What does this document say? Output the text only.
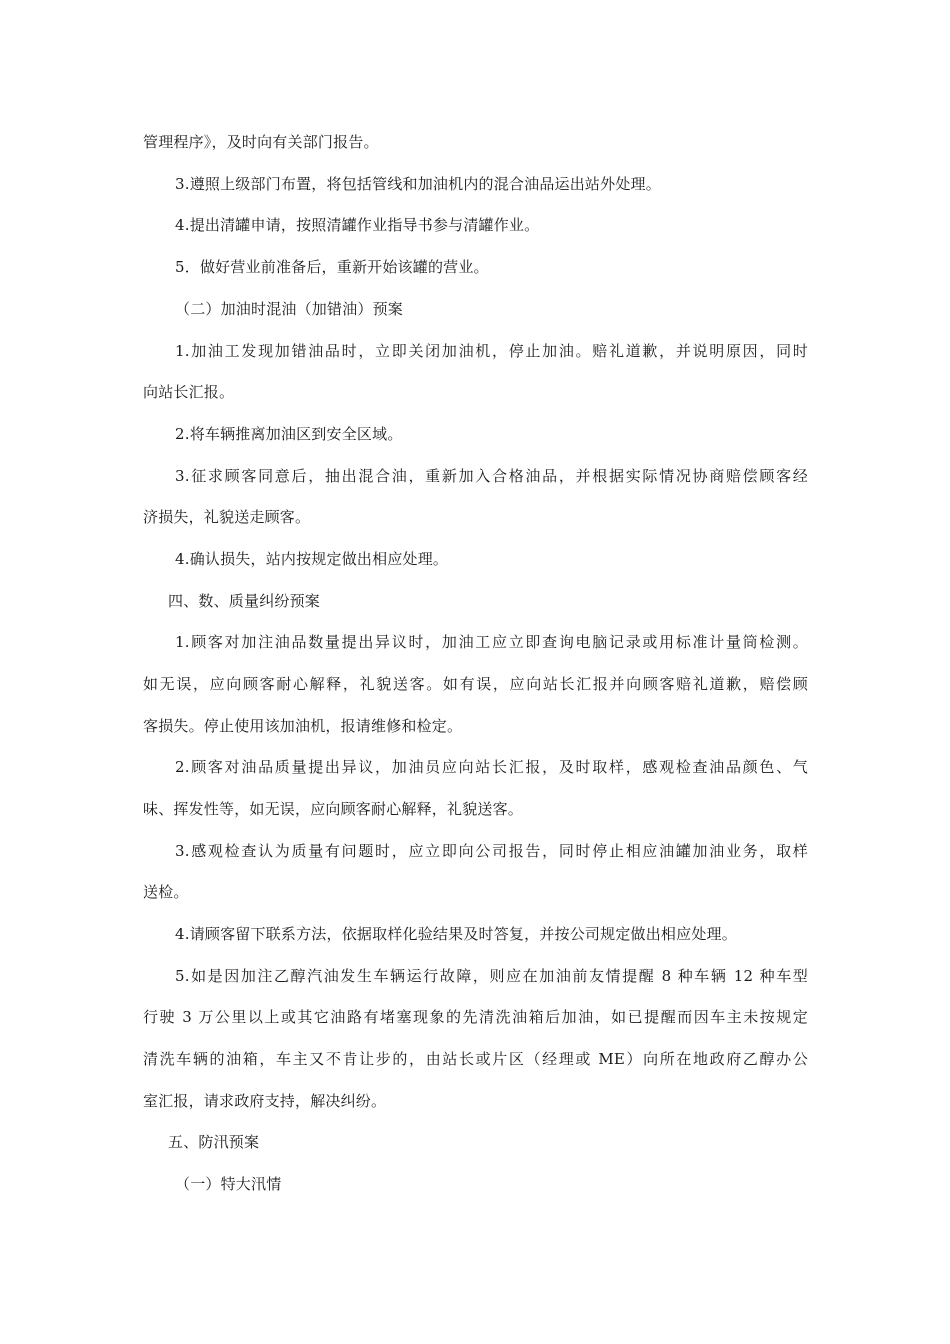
管理程序》，及时向有关部门报告。
3.遵照上级部门布置，将包括管线和加油机内的混合油品运出站外处理。
4.提出清罐申请，按照清罐作业指导书参与清罐作业。
5．做好营业前准备后，重新开始该罐的营业。
（二）加油时混油（加错油）预案
1.加油工发现加错油品时，立即关闭加油机，停止加油。赔礼道歉，并说明原因，同时
向站长汇报。
2.将车辆推离加油区到安全区域。
3.征求顾客同意后，抽出混合油，重新加入合格油品，并根据实际情况协商赔偿顾客经
济损失，礼貌送走顾客。
4.确认损失，站内按规定做出相应处理。
四、数、质量纠纷预案
1.顾客对加注油品数量提出异议时，加油工应立即查询电脑记录或用标准计量筒检测。
如无误，应向顾客耐心解释，礼貌送客。如有误，应向站长汇报并向顾客赔礼道歉，赔偿顾
客损失。停止使用该加油机，报请维修和检定。
2.顾客对油品质量提出异议，加油员应向站长汇报，及时取样，感观检查油品颜色、气
味、挥发性等，如无误，应向顾客耐心解释，礼貌送客。
3.感观检查认为质量有问题时，应立即向公司报告，同时停止相应油罐加油业务，取样
送检。
4.请顾客留下联系方法，依据取样化验结果及时答复，并按公司规定做出相应处理。
5.如是因加注乙醇汽油发生车辆运行故障，则应在加油前友情提醒 8 种车辆 12 种车型
行驶 3 万公里以上或其它油路有堵塞现象的先清洗油箱后加油，如已提醒而因车主未按规定
清洗车辆的油箱，车主又不肯让步的，由站长或片区（经理或 ME）向所在地政府乙醇办公
室汇报，请求政府支持，解决纠纷。
五、防汛预案
（一）特大汛情
